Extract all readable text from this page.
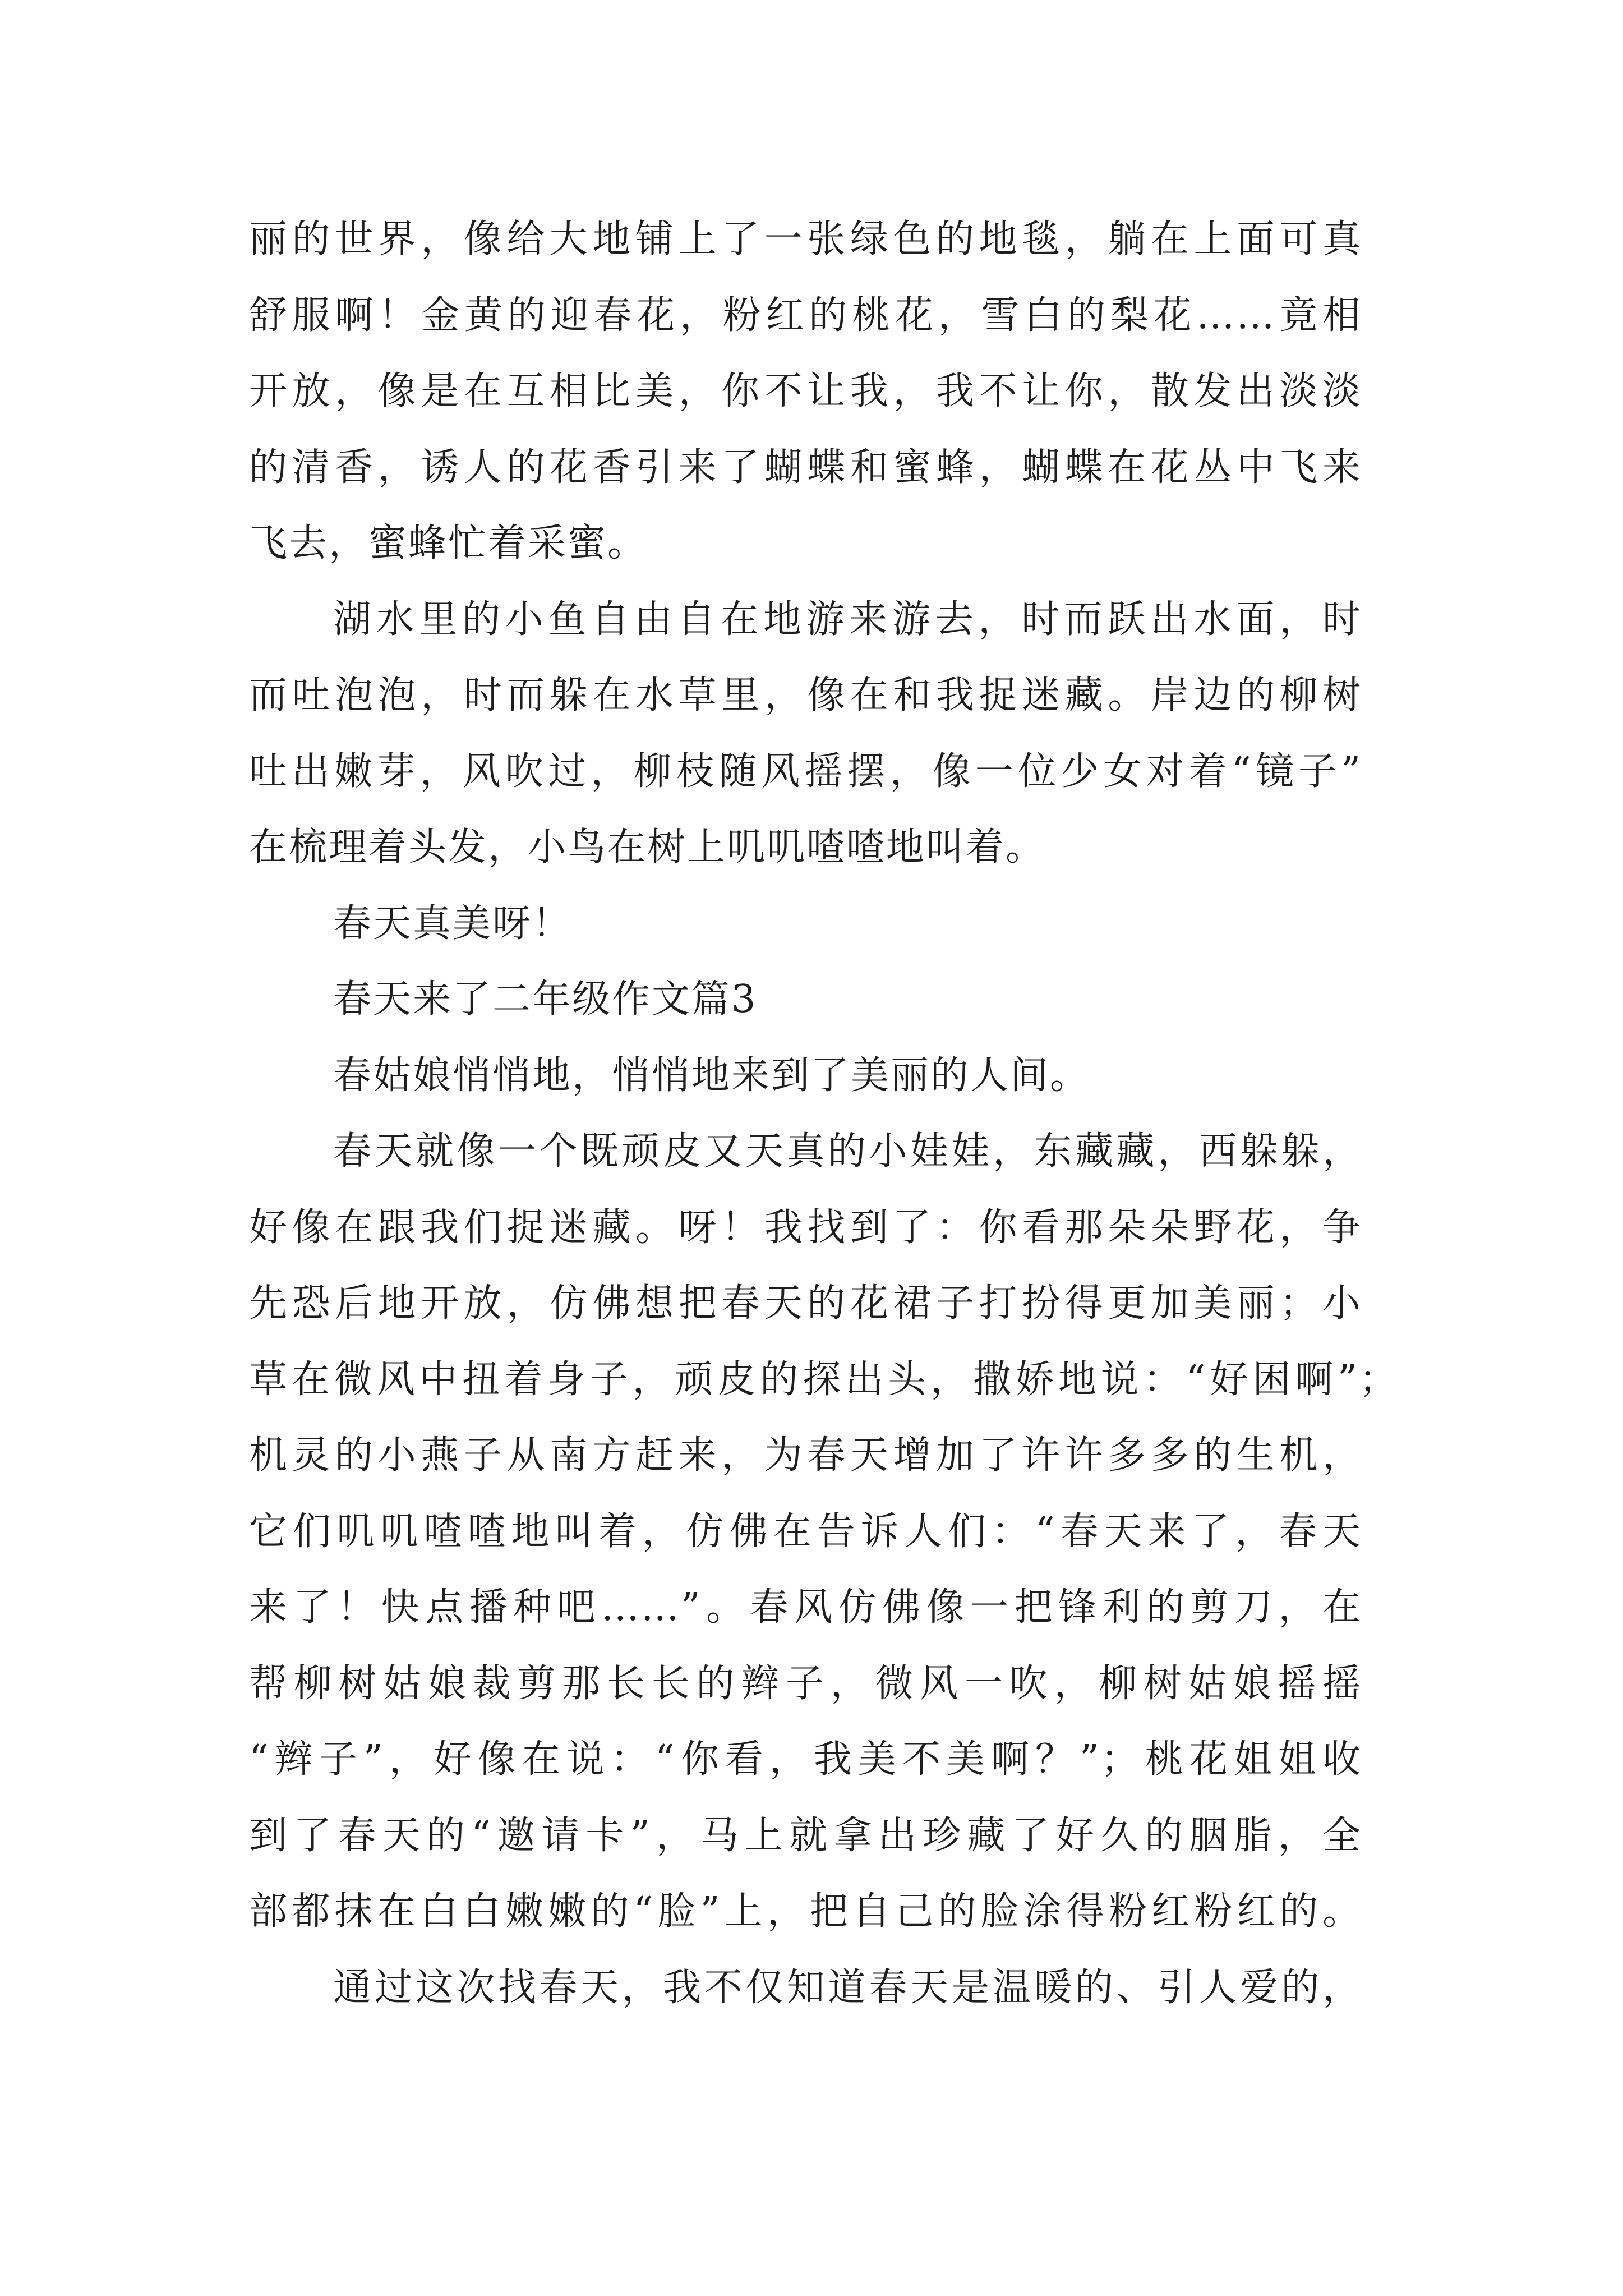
丽的世界，像给大地铺上了一张绿色的地毯，躺在上面可真
舒服啊！金黄的迎春花，粉红的桃花，雪白的梨花……竟相
开放，像是在互相比美，你不让我，我不让你，散发出淡淡
的清香，诱人的花香引来了蝴蝶和蜜蜂，蝴蝶在花丛中飞来
飞去，蜜蜂忙着采蜜。

湖水里的小鱼自由自在地游来游去，时而跃出水面，时
而吐泡泡，时而躲在水草里，像在和我捉迷藏。岸边的柳树
吐出嫩芽，风吹过，柳枝随风摇摆，像一位少女对着“镜子”
在梳理着头发，小鸟在树上叽叽喳喳地叫着。

春天真美呀！

春天来了二年级作文篇3

春姑娘悄悄地，悄悄地来到了美丽的人间。

春天就像一个既顽皮又天真的小娃娃，东藏藏，西躲躲，
好像在跟我们捉迷藏。呀！我找到了：你看那朵朵野花，争
先恐后地开放，仿佛想把春天的花裙子打扮得更加美丽；小
草在微风中扭着身子，顽皮的探出头，撒娇地说：“好困啊”；
机灵的小燕子从南方赶来，为春天增加了许许多多的生机，
它们叽叽喳喳地叫着，仿佛在告诉人们：“春天来了，春天
来了！快点播种吧……”。春风仿佛像一把锋利的剪刀，在
帮柳树姑娘裁剪那长长的辫子，微风一吹，柳树姑娘摇摇
“辫子”，好像在说：“你看，我美不美啊？”；桃花姐姐收
到了春天的“邀请卡”，马上就拿出珍藏了好久的胭脂，全
部都抹在白白嫩嫩的“脸”上，把自己的脸涂得粉红粉红的。

通过这次找春天，我不仅知道春天是温暖的、引人爱的，
